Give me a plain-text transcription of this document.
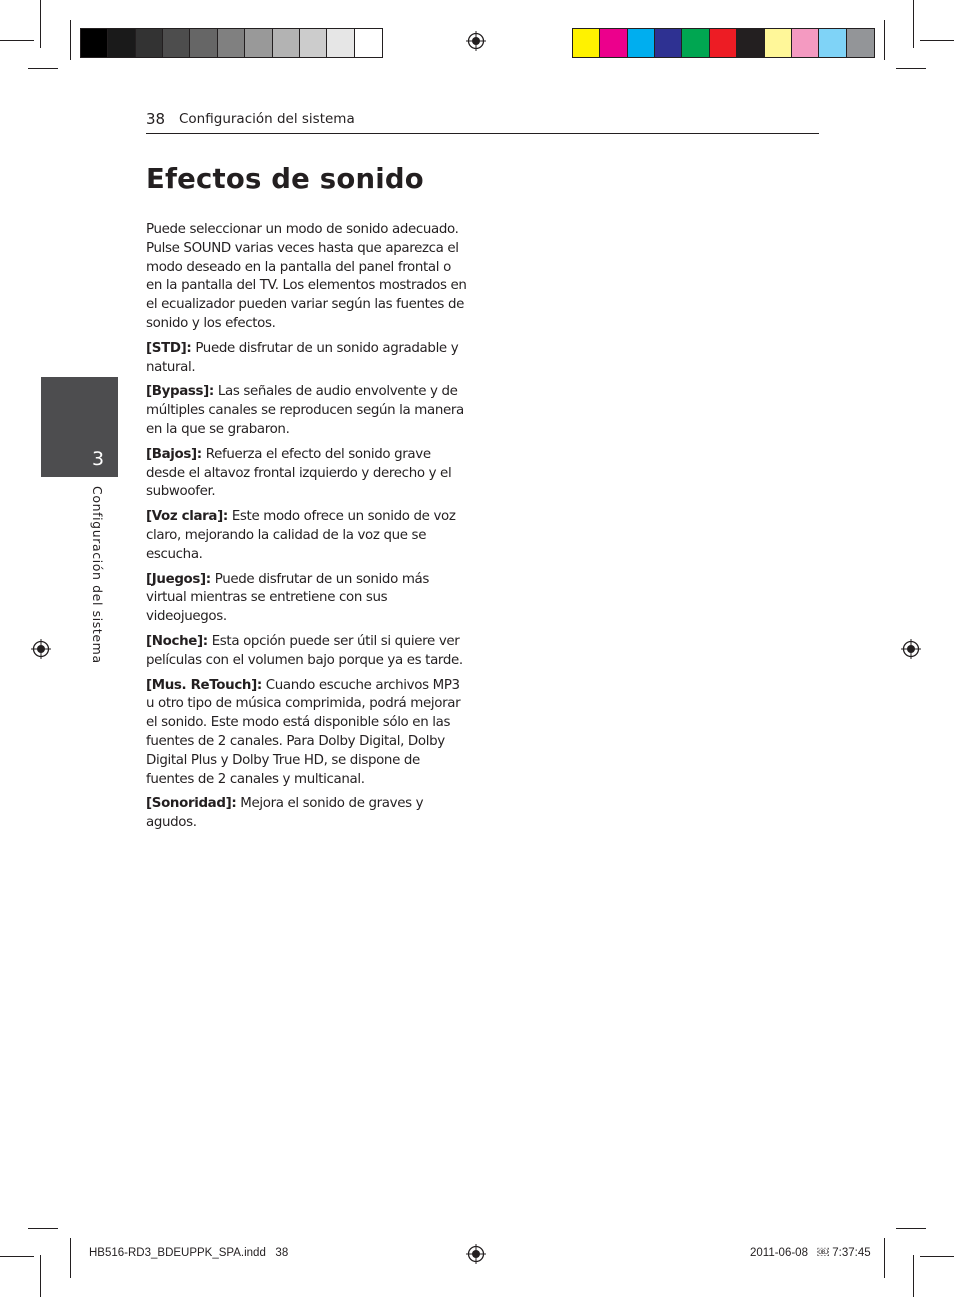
38 Configuración del sistema
Efectos de sonido

Puede seleccionar un modo de sonido adecuado. Pulse SOUND varias veces hasta que aparezca el modo deseado en la pantalla del panel frontal o en la pantalla del TV. Los elementos mostrados en el ecualizador pueden variar según las fuentes de sonido y los efectos.

[STD]: Puede disfrutar de un sonido agradable y natural.

[Bypass]: Las señales de audio envolvente y de múltiples canales se reproducen según la manera en la que se grabaron.

[Bajos]: Refuerza el efecto del sonido grave desde el altavoz frontal izquierdo y derecho y el subwoofer.

[Voz clara]: Este modo ofrece un sonido de voz claro, mejorando la calidad de la voz que se escucha.

[Juegos]: Puede disfrutar de un sonido más virtual mientras se entretiene con sus videojuegos.

[Noche]: Esta opción puede ser útil si quiere ver películas con el volumen bajo porque ya es tarde.

[Mus. ReTouch]: Cuando escuche archivos MP3 u otro tipo de música comprimida, podrá mejorar el sonido. Este modo está disponible sólo en las fuentes de 2 canales. Para Dolby Digital, Dolby Digital Plus y Dolby True HD, se dispone de fuentes de 2 canales y multicanal.

[Sonoridad]: Mejora el sonido de graves y agudos.

3
Configuración del sistema
HB516-RD3_BDEUPPK_SPA.indd   38	2011-06-08   ￼ 7:37:45
